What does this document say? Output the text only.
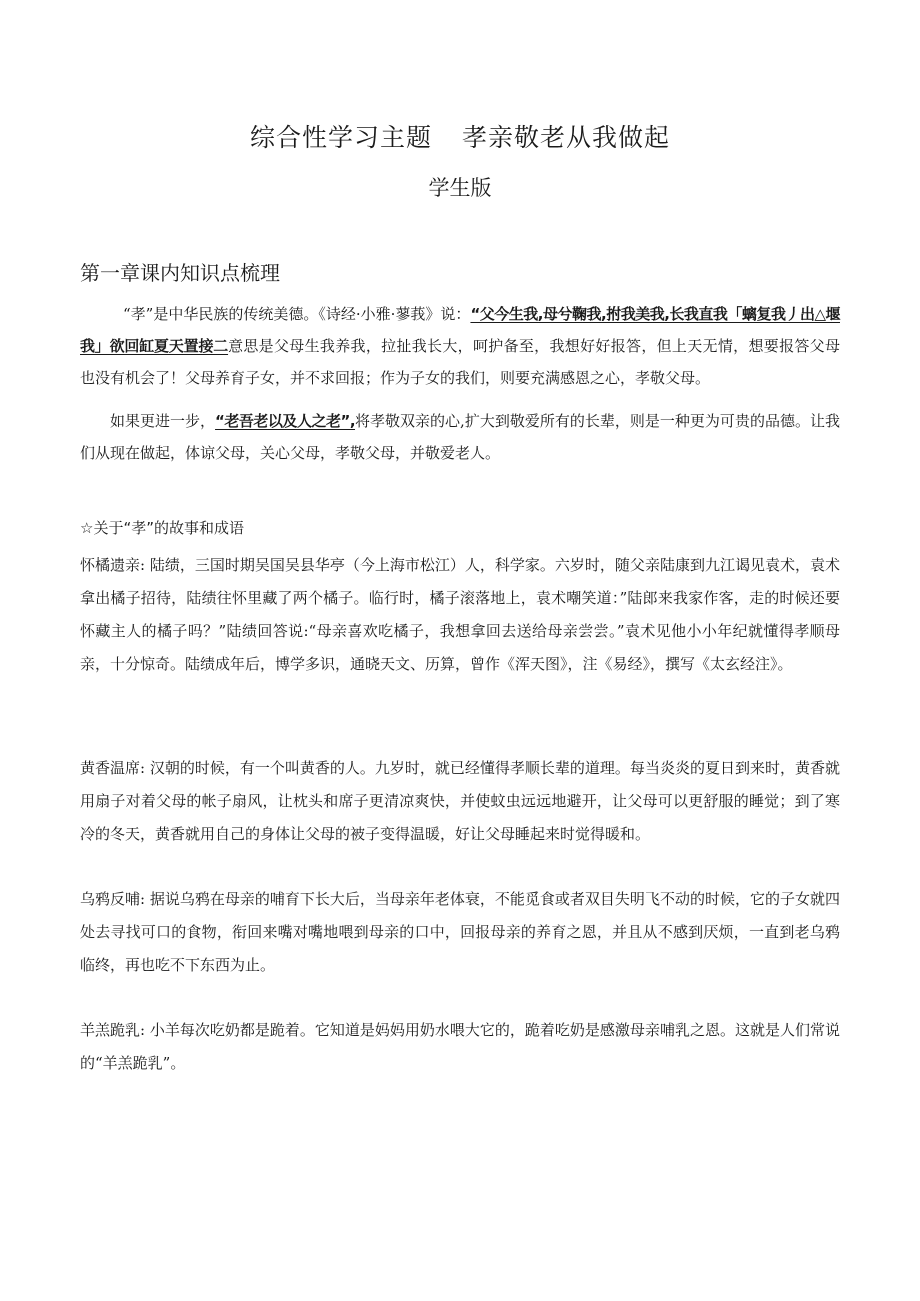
综合性学习主题 孝亲敬老从我做起
学生版
第一章课内知识点梳理

“孝”是中华民族的传统美德。《诗经·小雅·蓼莪》说：“父今生我,母兮鞠我,拊我美我,长我直我「螭复我丿出△堰我」欲回缸夏天置接二意思是父母生我养我，拉扯我长大，呵护备至，我想好好报答，但上天无情，想要报答父母也没有机会了！父母养育子女，并不求回报；作为子女的我们，则要充满感恩之心，孝敬父母。

如果更进一步，“老吾老以及人之老”,将孝敬双亲的心,扩大到敬爱所有的长辈，则是一种更为可贵的品德。让我们从现在做起，体谅父母，关心父母，孝敬父母，并敬爱老人。

☆关于“孝”的故事和成语

怀橘遗亲: 陆绩，三国时期吴国吴县华亭（今上海市松江）人，科学家。六岁时，随父亲陆康到九江谒见袁术，袁术拿出橘子招待，陆绩往怀里藏了两个橘子。临行时，橘子滚落地上，袁术嘲笑道：”陆郎来我家作客，走的时候还要怀藏主人的橘子吗？”陆绩回答说:“母亲喜欢吃橘子，我想拿回去送给母亲尝尝。”袁术见他小小年纪就懂得孝顺母亲，十分惊奇。陆绩成年后，博学多识，通晓天文、历算，曾作《浑天图》，注《易经》，撰写《太玄经注》。

黄香温席: 汉朝的时候，有一个叫黄香的人。九岁时，就已经懂得孝顺长辈的道理。每当炎炎的夏日到来时，黄香就用扇子对着父母的帐子扇风，让枕头和席子更清凉爽快，并使蚊虫远远地避开，让父母可以更舒服的睡觉；到了寒冷的冬天，黄香就用自己的身体让父母的被子变得温暖，好让父母睡起来时觉得暖和。

乌鸦反哺: 据说乌鸦在母亲的哺育下长大后，当母亲年老体衰，不能觅食或者双目失明飞不动的时候，它的子女就四处去寻找可口的食物，衔回来嘴对嘴地喂到母亲的口中，回报母亲的养育之恩，并且从不感到厌烦，一直到老乌鸦临终，再也吃不下东西为止。

羊羔跪乳: 小羊每次吃奶都是跪着。它知道是妈妈用奶水喂大它的，跪着吃奶是感激母亲哺乳之恩。这就是人们常说的“羊羔跪乳”。
